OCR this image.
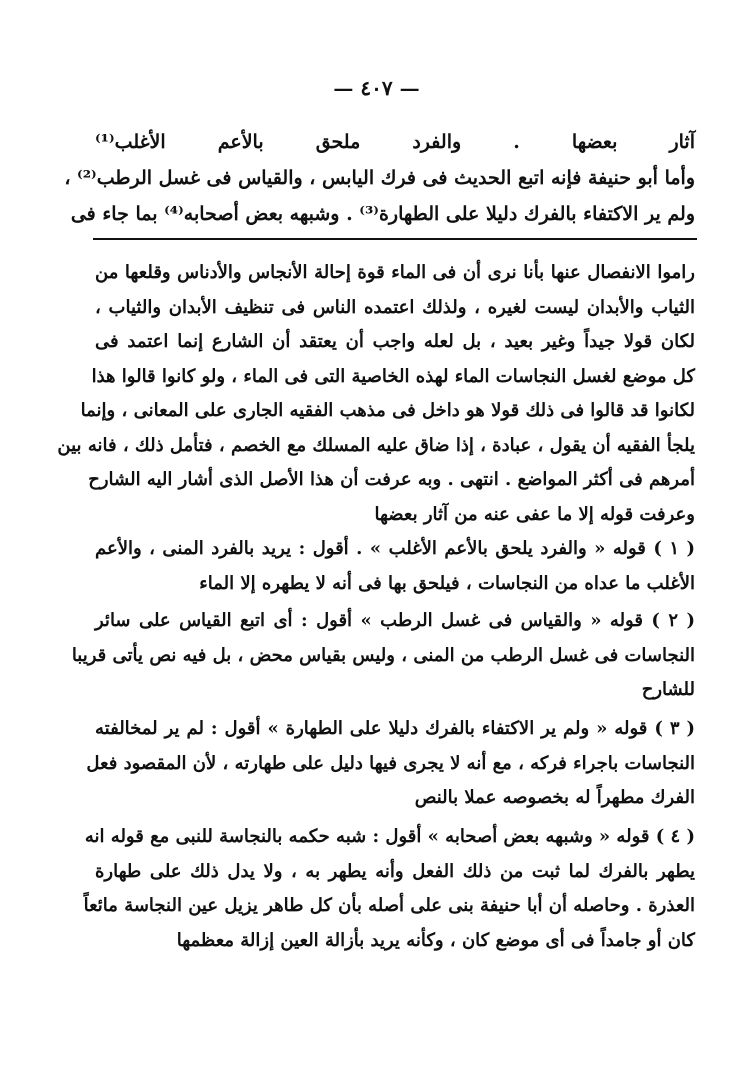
— ٤٠٧ —
آثار بعضها . والفرد ملحق بالأعم الأغلب⁽¹⁾
وأما أبو حنيفة فإنه اتبع الحديث فى فرك اليابس ، والقياس فى غسل الرطب⁽²⁾ ،
ولم ير الاكتفاء بالفرك دليلا على الطهارة⁽³⁾ . وشبهه بعض أصحابه⁽⁴⁾ بما جاء فى
راموا الانفصال عنها بأنا نرى أن فى الماء قوة إحالة الأنجاس والأدناس وقلعها من
الثياب والأبدان ليست لغيره ، ولذلك اعتمده الناس فى تنظيف الأبدان والثياب ،
لكان قولا جيداً وغير بعيد ، بل لعله واجب أن يعتقد أن الشارع إنما اعتمد فى
كل موضع لغسل النجاسات الماء لهذه الخاصية التى فى الماء ، ولو كانوا قالوا هذا
لكانوا قد قالوا فى ذلك قولا هو داخل فى مذهب الفقيه الجارى على المعانى ، وإنما
يلجأ الفقيه أن يقول ، عبادة ، إذا ضاق عليه المسلك مع الخصم ، فتأمل ذلك ، فانه بين
أمرهم فى أكثر المواضع . انتهى . وبه عرفت أن هذا الأصل الذى أشار اليه الشارح
وعرفت قوله إلا ما عفى عنه من آثار بعضها
( ١ ) قوله « والفرد يلحق بالأعم الأغلب » . أقول : يريد بالفرد المنى ، والأعم
الأغلب ما عداه من النجاسات ، فيلحق بها فى أنه لا يطهره إلا الماء
( ٢ ) قوله « والقياس فى غسل الرطب » أقول : أى اتبع القياس على سائر
النجاسات فى غسل الرطب من المنى ، وليس بقياس محض ، بل فيه نص يأتى قريبا
للشارح
( ٣ ) قوله « ولم ير الاكتفاء بالفرك دليلا على الطهارة » أقول : لم ير لمخالفته
النجاسات باجراء فركه ، مع أنه لا يجرى فيها دليل على طهارته ، لأن المقصود فعل
الفرك مطهراً له بخصوصه عملا بالنص
( ٤ ) قوله « وشبهه بعض أصحابه » أقول : شبه حكمه بالنجاسة للنبى مع قوله انه
يطهر بالفرك لما ثبت من ذلك الفعل وأنه يطهر به ، ولا يدل ذلك على طهارة
العذرة . وحاصله أن أبا حنيفة بنى على أصله بأن كل طاهر يزيل عين النجاسة مائعاً
كان أو جامداً فى أى موضع كان ، وكأنه يريد بأزالة العين إزالة معظمها
